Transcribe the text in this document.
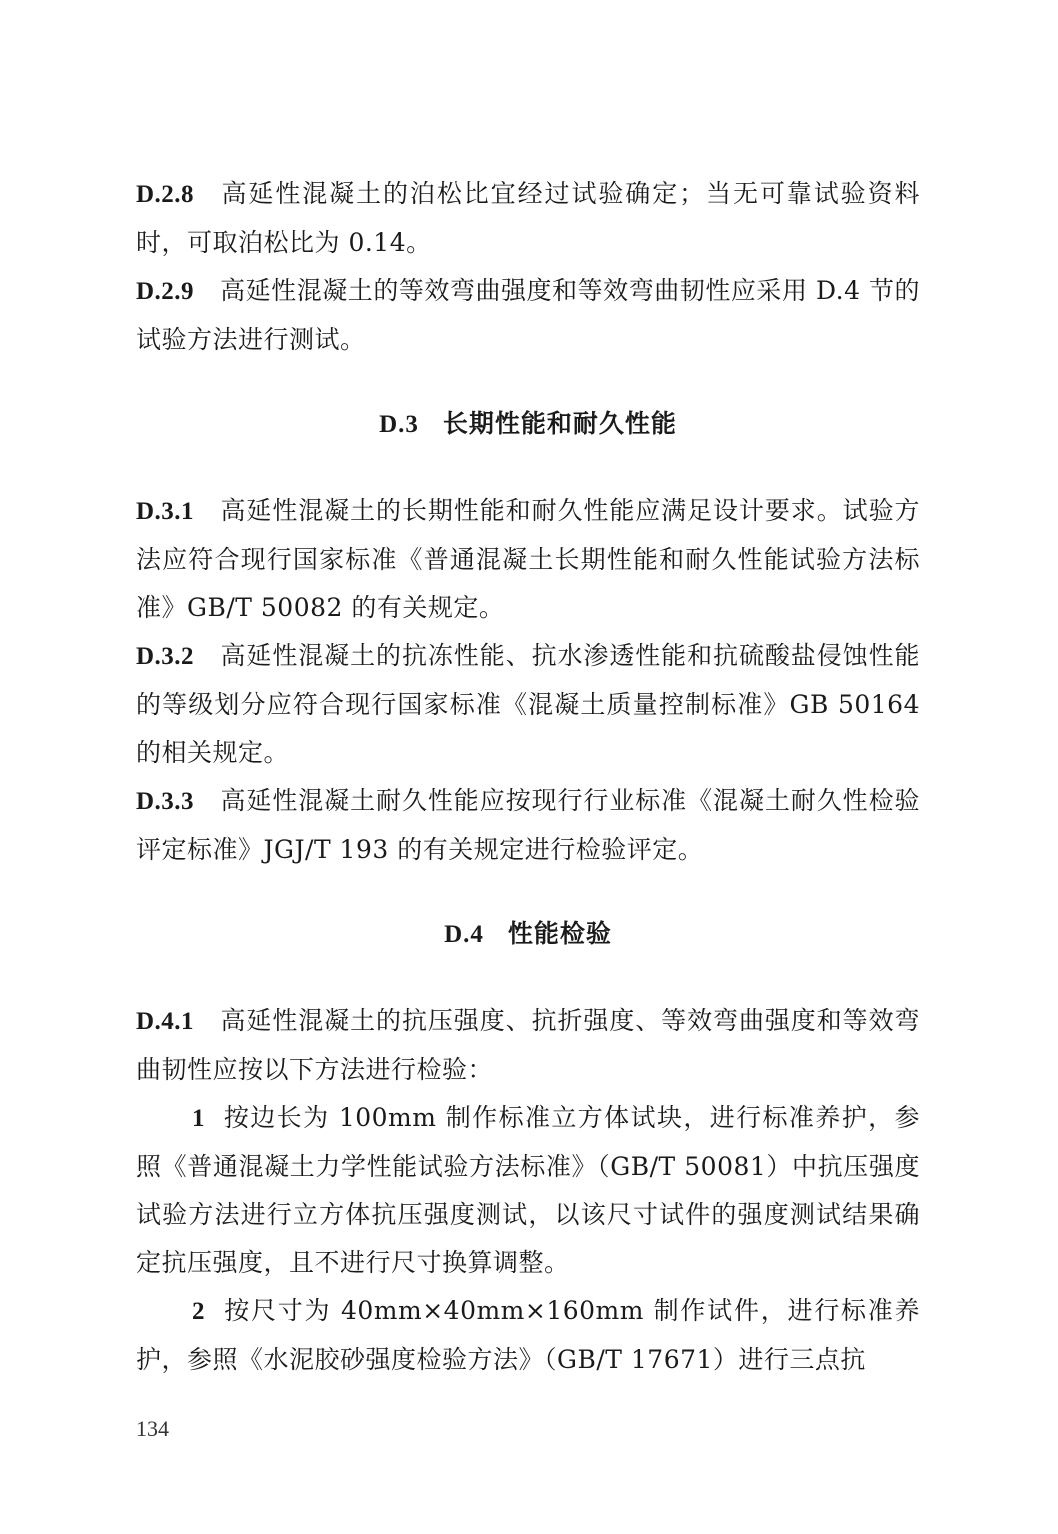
D.2.8 高延性混凝土的泊松比宜经过试验确定；当无可靠试验资料时，可取泊松比为 0.14。

D.2.9 高延性混凝土的等效弯曲强度和等效弯曲韧性应采用 D.4 节的试验方法进行测试。

D.3 长期性能和耐久性能

D.3.1 高延性混凝土的长期性能和耐久性能应满足设计要求。试验方法应符合现行国家标准《普通混凝土长期性能和耐久性能试验方法标准》GB/T 50082 的有关规定。

D.3.2 高延性混凝土的抗冻性能、抗水渗透性能和抗硫酸盐侵蚀性能的等级划分应符合现行国家标准《混凝土质量控制标准》GB 50164 的相关规定。

D.3.3 高延性混凝土耐久性能应按现行行业标准《混凝土耐久性检验评定标准》JGJ/T 193 的有关规定进行检验评定。

D.4 性能检验

D.4.1 高延性混凝土的抗压强度、抗折强度、等效弯曲强度和等效弯曲韧性应按以下方法进行检验：

1 按边长为 100mm 制作标准立方体试块，进行标准养护，参照《普通混凝土力学性能试验方法标准》（GB/T 50081）中抗压强度试验方法进行立方体抗压强度测试，以该尺寸试件的强度测试结果确定抗压强度，且不进行尺寸换算调整。

2 按尺寸为 40mm×40mm×160mm 制作试件，进行标准养护，参照《水泥胶砂强度检验方法》（GB/T 17671）进行三点抗

134
